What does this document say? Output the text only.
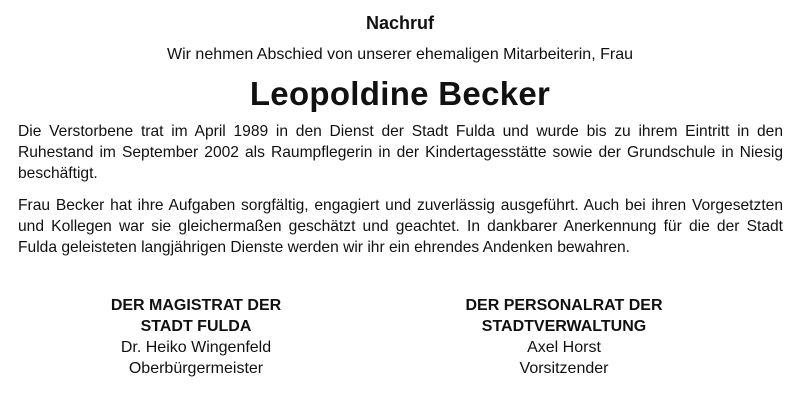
Nachruf
Wir nehmen Abschied von unserer ehemaligen Mitarbeiterin, Frau
Leopoldine Becker

Die Verstorbene trat im April 1989 in den Dienst der Stadt Fulda und wurde bis zu ihrem Eintritt in den Ruhestand im September 2002 als Raumpflegerin in der Kindertagesstätte sowie der Grundschule in Niesig beschäftigt.

Frau Becker hat ihre Aufgaben sorgfältig, engagiert und zuverlässig ausgeführt. Auch bei ihren Vorgesetzten und Kollegen war sie gleichermaßen geschätzt und geachtet. In dankbarer Anerkennung für die der Stadt Fulda geleisteten langjährigen Dienste werden wir ihr ein ehrendes Andenken bewahren.

DER MAGISTRAT DER
STADT FULDA
Dr. Heiko Wingenfeld
Oberbürgermeister
DER PERSONALRAT DER
STADTVERWALTUNG
Axel Horst
Vorsitzender
